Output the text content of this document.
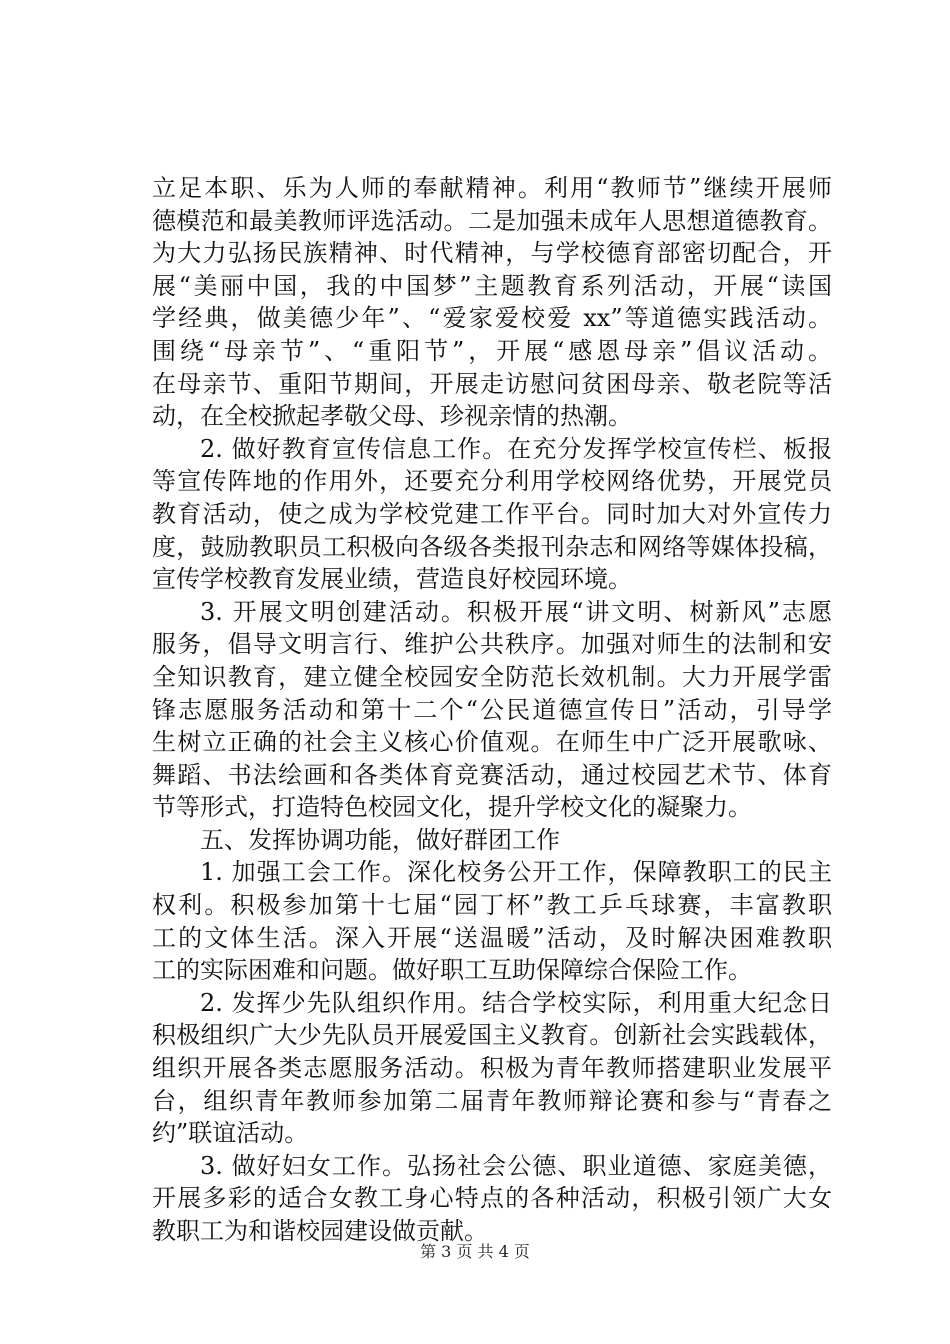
立足本职、乐为人师的奉献精神。利用“教师节”继续开展师
德模范和最美教师评选活动。二是加强未成年人思想道德教育。
为大力弘扬民族精神、时代精神，与学校德育部密切配合，开
展“美丽中国，我的中国梦”主题教育系列活动，开展“读国
学经典，做美德少年”、“爱家爱校爱 xx”等道德实践活动。
围绕“母亲节”、“重阳节”，开展“感恩母亲”倡议活动。
在母亲节、重阳节期间，开展走访慰问贫困母亲、敬老院等活
动，在全校掀起孝敬父母、珍视亲情的热潮。
2. 做好教育宣传信息工作。在充分发挥学校宣传栏、板报
等宣传阵地的作用外，还要充分利用学校网络优势，开展党员
教育活动，使之成为学校党建工作平台。同时加大对外宣传力
度，鼓励教职员工积极向各级各类报刊杂志和网络等媒体投稿，
宣传学校教育发展业绩，营造良好校园环境。
3. 开展文明创建活动。积极开展“讲文明、树新风”志愿
服务，倡导文明言行、维护公共秩序。加强对师生的法制和安
全知识教育，建立健全校园安全防范长效机制。大力开展学雷
锋志愿服务活动和第十二个“公民道德宣传日”活动，引导学
生树立正确的社会主义核心价值观。在师生中广泛开展歌咏、
舞蹈、书法绘画和各类体育竞赛活动，通过校园艺术节、体育
节等形式，打造特色校园文化，提升学校文化的凝聚力。
五、发挥协调功能，做好群团工作
1. 加强工会工作。深化校务公开工作，保障教职工的民主
权利。积极参加第十七届“园丁杯”教工乒乓球赛，丰富教职
工的文体生活。深入开展“送温暖”活动，及时解决困难教职
工的实际困难和问题。做好职工互助保障综合保险工作。
2. 发挥少先队组织作用。结合学校实际，利用重大纪念日
积极组织广大少先队员开展爱国主义教育。创新社会实践载体，
组织开展各类志愿服务活动。积极为青年教师搭建职业发展平
台，组织青年教师参加第二届青年教师辩论赛和参与“青春之
约”联谊活动。
3. 做好妇女工作。弘扬社会公德、职业道德、家庭美德，
开展多彩的适合女教工身心特点的各种活动，积极引领广大女
教职工为和谐校园建设做贡献。
第 3 页 共 4 页
